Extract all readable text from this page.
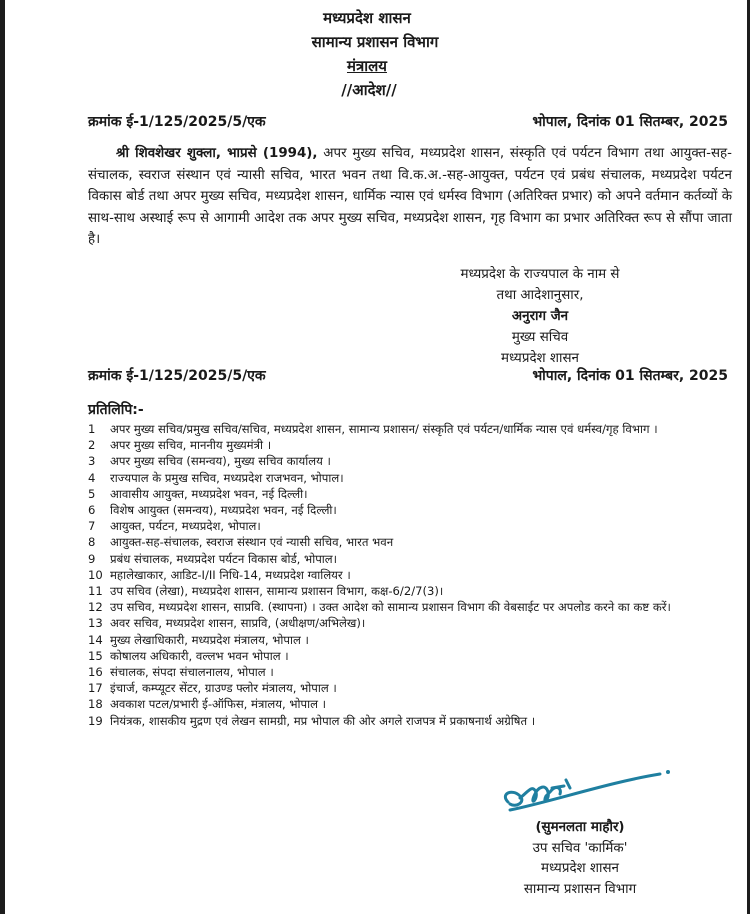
मध्यप्रदेश शासन
सामान्य प्रशासन विभाग
मंत्रालय
//आदेश//
क्रमांक ई-1/125/2025/5/एक	भोपाल, दिनांक 01 सितम्बर, 2025
श्री शिवशेखर शुक्ला, भाप्रसे (1994), अपर मुख्य सचिव, मध्यप्रदेश शासन, संस्कृति एवं पर्यटन विभाग तथा आयुक्त-सह-संचालक, स्वराज संस्थान एवं न्यासी सचिव, भारत भवन तथा वि.क.अ.-सह-आयुक्त, पर्यटन एवं प्रबंध संचालक, मध्यप्रदेश पर्यटन विकास बोर्ड तथा अपर मुख्य सचिव, मध्यप्रदेश शासन, धार्मिक न्यास एवं धर्मस्व विभाग (अतिरिक्त प्रभार) को अपने वर्तमान कर्तव्यों के साथ-साथ अस्थाई रूप से आगामी आदेश तक अपर मुख्य सचिव, मध्यप्रदेश शासन, गृह विभाग का प्रभार अतिरिक्त रूप से सौंपा जाता है।
मध्यप्रदेश के राज्यपाल के नाम से
तथा आदेशानुसार,
अनुराग जैन
मुख्य सचिव
मध्यप्रदेश शासन
क्रमांक ई-1/125/2025/5/एक	भोपाल, दिनांक 01 सितम्बर, 2025
प्रतिलिपि:-
1	अपर मुख्य सचिव/प्रमुख सचिव/सचिव, मध्यप्रदेश शासन, सामान्य प्रशासन/ संस्कृति एवं पर्यटन/धार्मिक न्यास एवं धर्मस्व/गृह विभाग ।
2	अपर मुख्य सचिव, माननीय मुख्यमंत्री ।
3	अपर मुख्य सचिव (समन्वय), मुख्य सचिव कार्यालय ।
4	राज्यपाल के प्रमुख सचिव, मध्यप्रदेश राजभवन, भोपाल।
5	आवासीय आयुक्त, मध्यप्रदेश भवन, नई दिल्ली।
6	विशेष आयुक्त (समन्वय), मध्यप्रदेश भवन, नई दिल्ली।
7	आयुक्त, पर्यटन, मध्यप्रदेश, भोपाल।
8	आयुक्त-सह-संचालक, स्वराज संस्थान एवं न्यासी सचिव, भारत भवन
9	प्रबंध संचालक, मध्यप्रदेश पर्यटन विकास बोर्ड, भोपाल।
10 महालेखाकार, आडिट-I/II निधि-14, मध्यप्रदेश ग्वालियर ।
11 उप सचिव (लेखा), मध्यप्रदेश शासन, सामान्य प्रशासन विभाग, कक्ष-6/2/7(3)।
12 उप सचिव, मध्यप्रदेश शासन, साप्रवि. (स्थापना) । उक्त आदेश को सामान्य प्रशासन विभाग की वेबसाईट पर अपलोड करने का कष्ट करें।
13 अवर सचिव, मध्यप्रदेश शासन, साप्रवि, (अधीक्षण/अभिलेख)।
14 मुख्य लेखाधिकारी, मध्यप्रदेश मंत्रालय, भोपाल ।
15 कोषालय अधिकारी, वल्लभ भवन भोपाल ।
16 संचालक, संपदा संचालनालय, भोपाल ।
17 इंचार्ज, कम्प्यूटर सेंटर, ग्राउण्ड फ्लोर मंत्रालय, भोपाल ।
18 अवकाश पटल/प्रभारी ई-ऑफिस, मंत्रालय, भोपाल ।
19 नियंत्रक, शासकीय मुद्रण एवं लेखन सामग्री, मप्र भोपाल की ओर अगले राजपत्र में प्रकाषनार्थ अग्रेषित ।
(सुमनलता माहौर)
उप सचिव 'कार्मिक'
मध्यप्रदेश शासन
सामान्य प्रशासन विभाग
